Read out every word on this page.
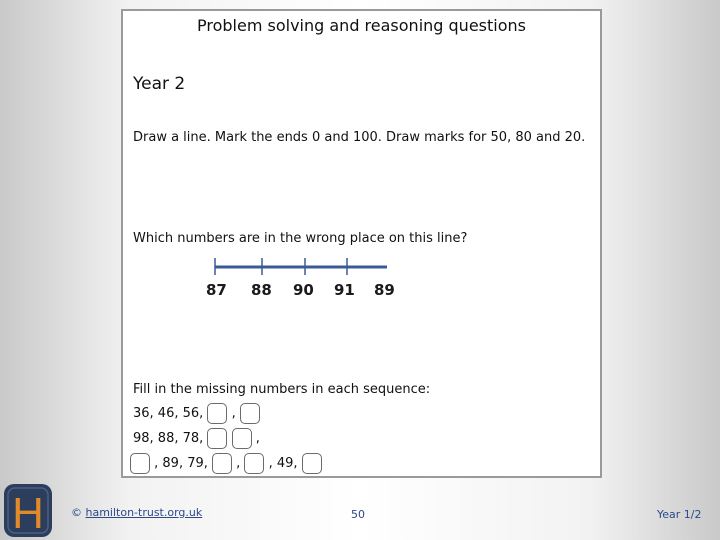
Problem solving and reasoning questions
Year 2
Draw a line. Mark the ends 0 and 100. Draw marks for 50, 80 and 20.
Which numbers are in the wrong place on this line?
87 88 90 91 89
Fill in the missing numbers in each sequence:
36, 46, 56, ,
98, 88, 78,	,
, 89, 79, , , 49,
H © hamilton-trust.org.uk	50	Year 1/2
